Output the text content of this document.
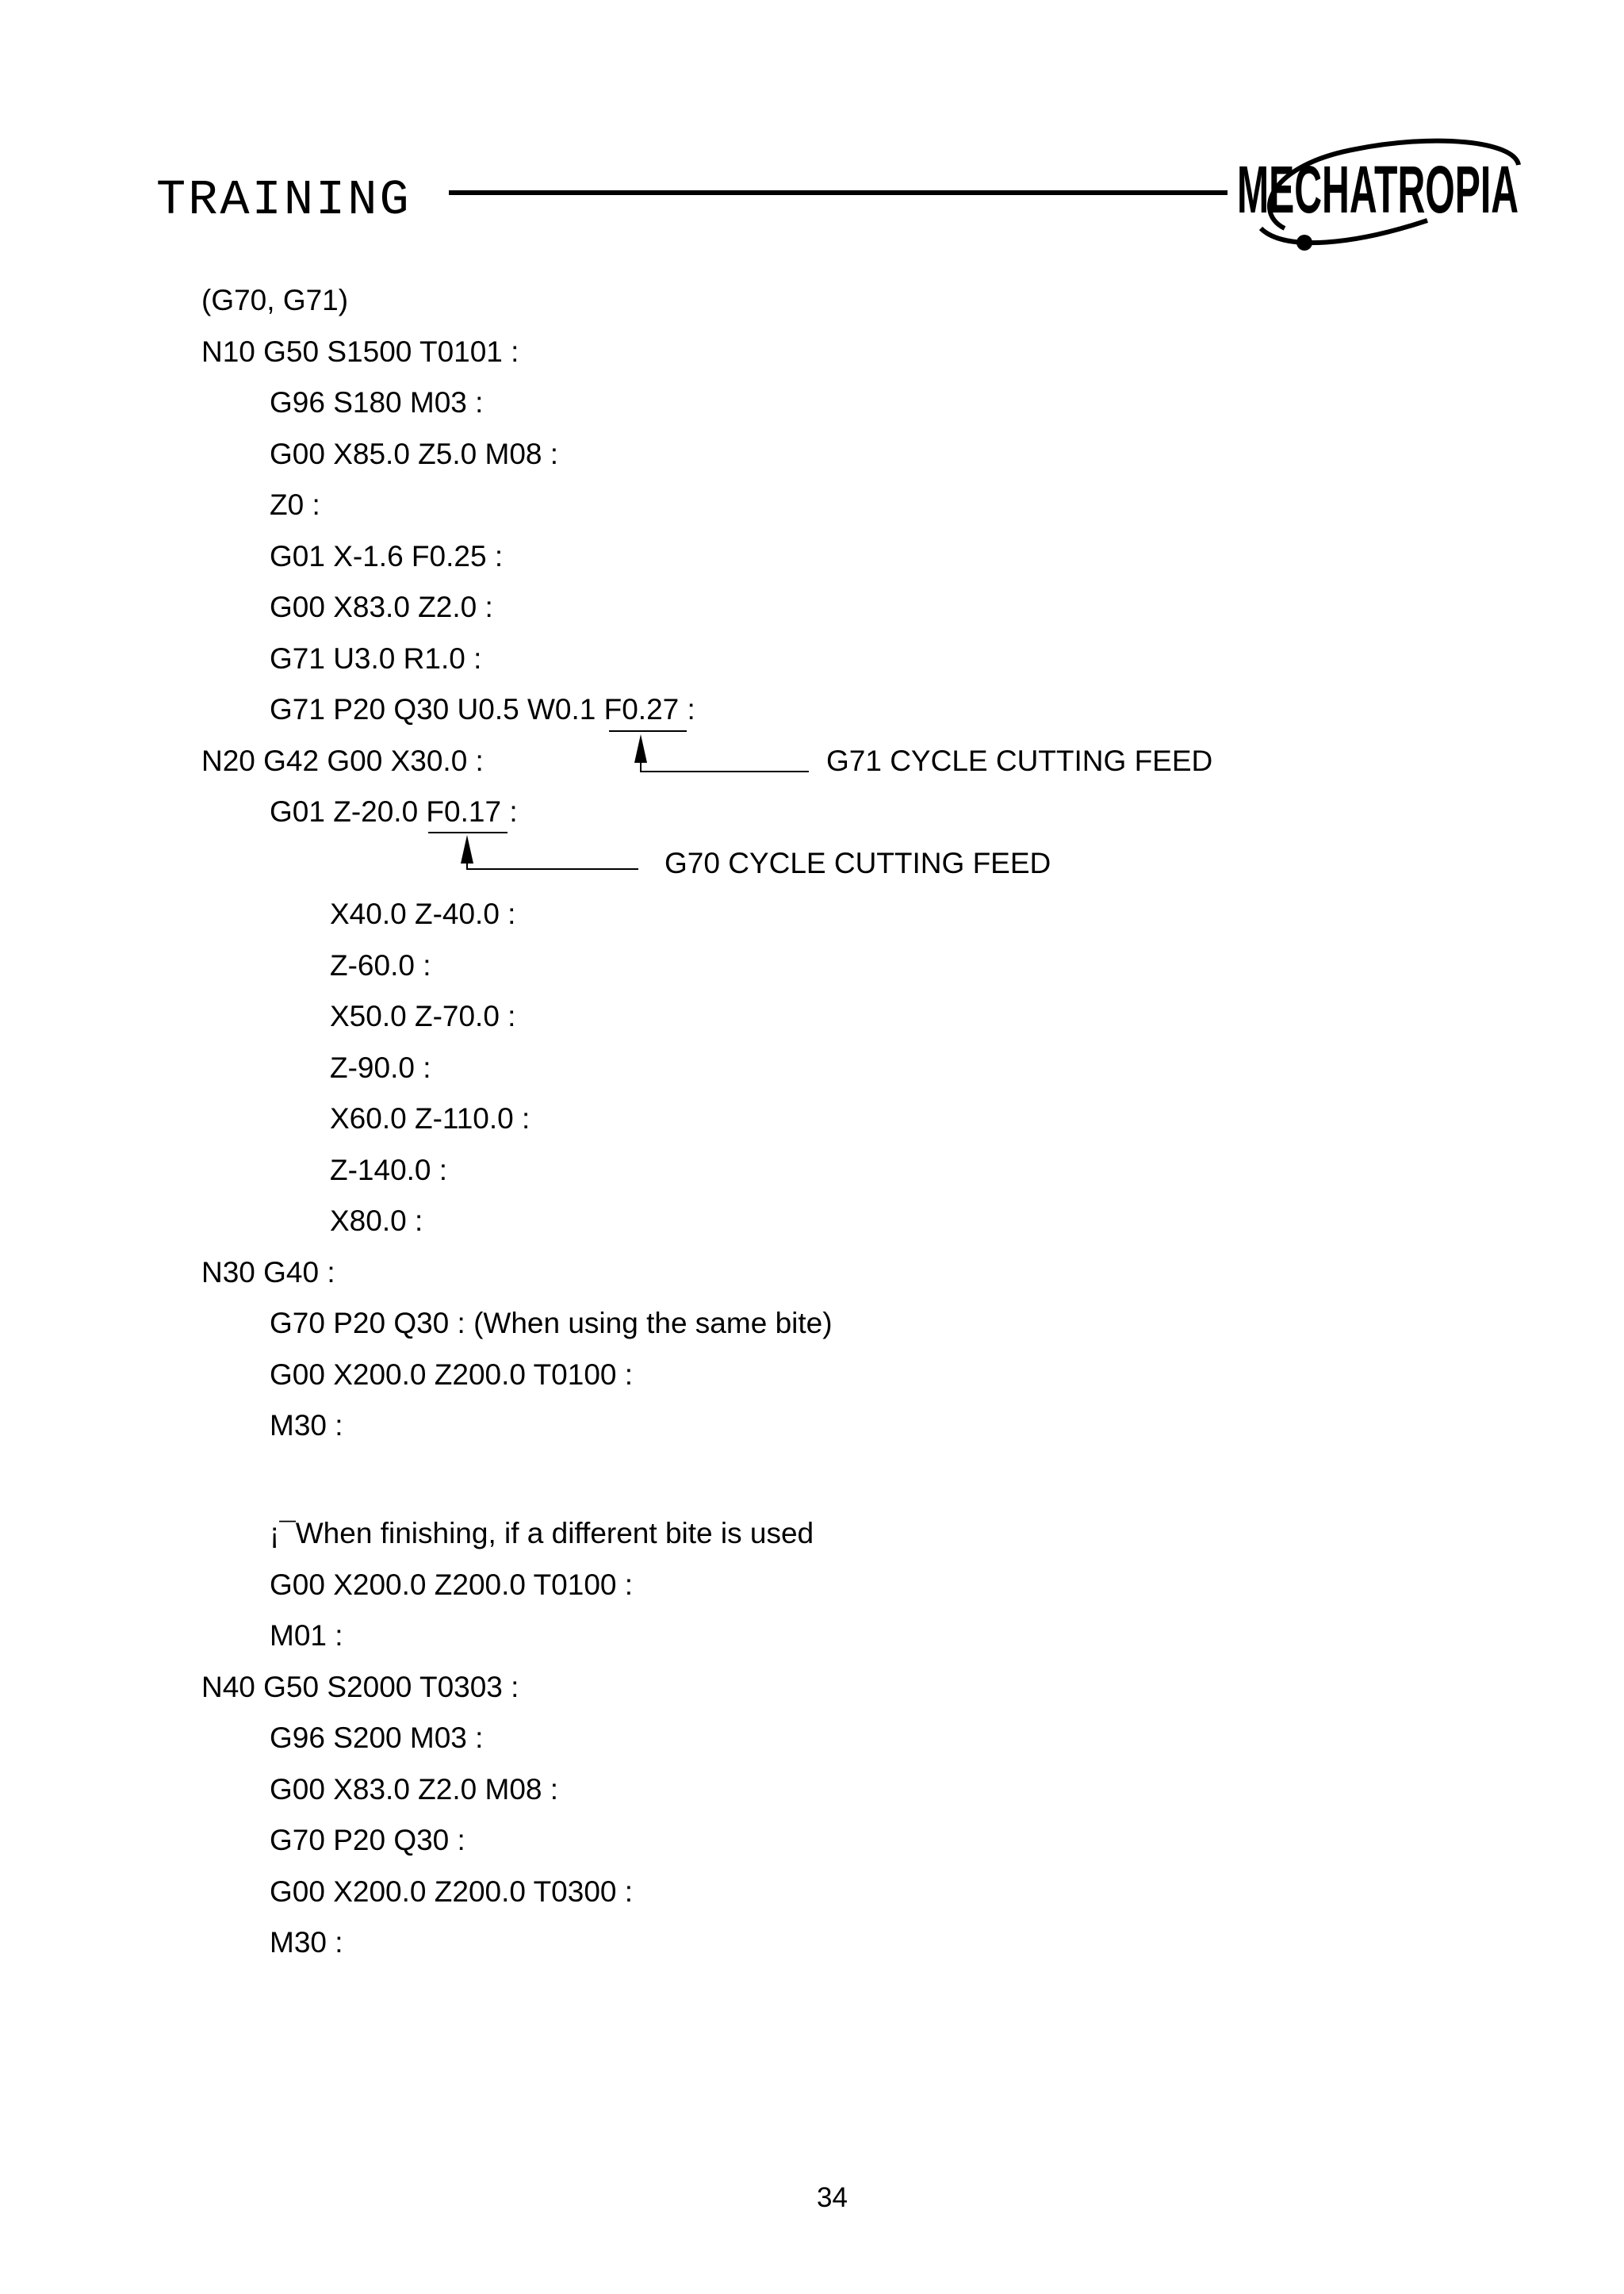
TRAINING	MECHATROPIA
(G70, G71)
N10 G50 S1500 T0101 :
G96 S180 M03 :
G00 X85.0 Z5.0 M08 :
Z0 :
G01 X-1.6 F0.25 :
G00 X83.0 Z2.0 :
G71 U3.0 R1.0 :
G71 P20 Q30 U0.5 W0.1 F0.27 :
N20 G42 G00 X30.0 :
G01 Z-20.0 F0.17 :
X40.0 Z-40.0 :
Z-60.0 :
X50.0 Z-70.0 :
Z-90.0 :
X60.0 Z-110.0 :
Z-140.0 :
X80.0 :
N30 G40 :
G70 P20 Q30 : (When using the same bite)
G00 X200.0 Z200.0 T0100 :
M30 :
¡¯When finishing, if a different bite is used
G00 X200.0 Z200.0 T0100 :
M01 :
N40 G50 S2000 T0303 :
G96 S200 M03 :
G00 X83.0 Z2.0 M08 :
G70 P20 Q30 :
G00 X200.0 Z200.0 T0300 :
M30 :
G71 CYCLE CUTTING FEED
G70 CYCLE CUTTING FEED
34
